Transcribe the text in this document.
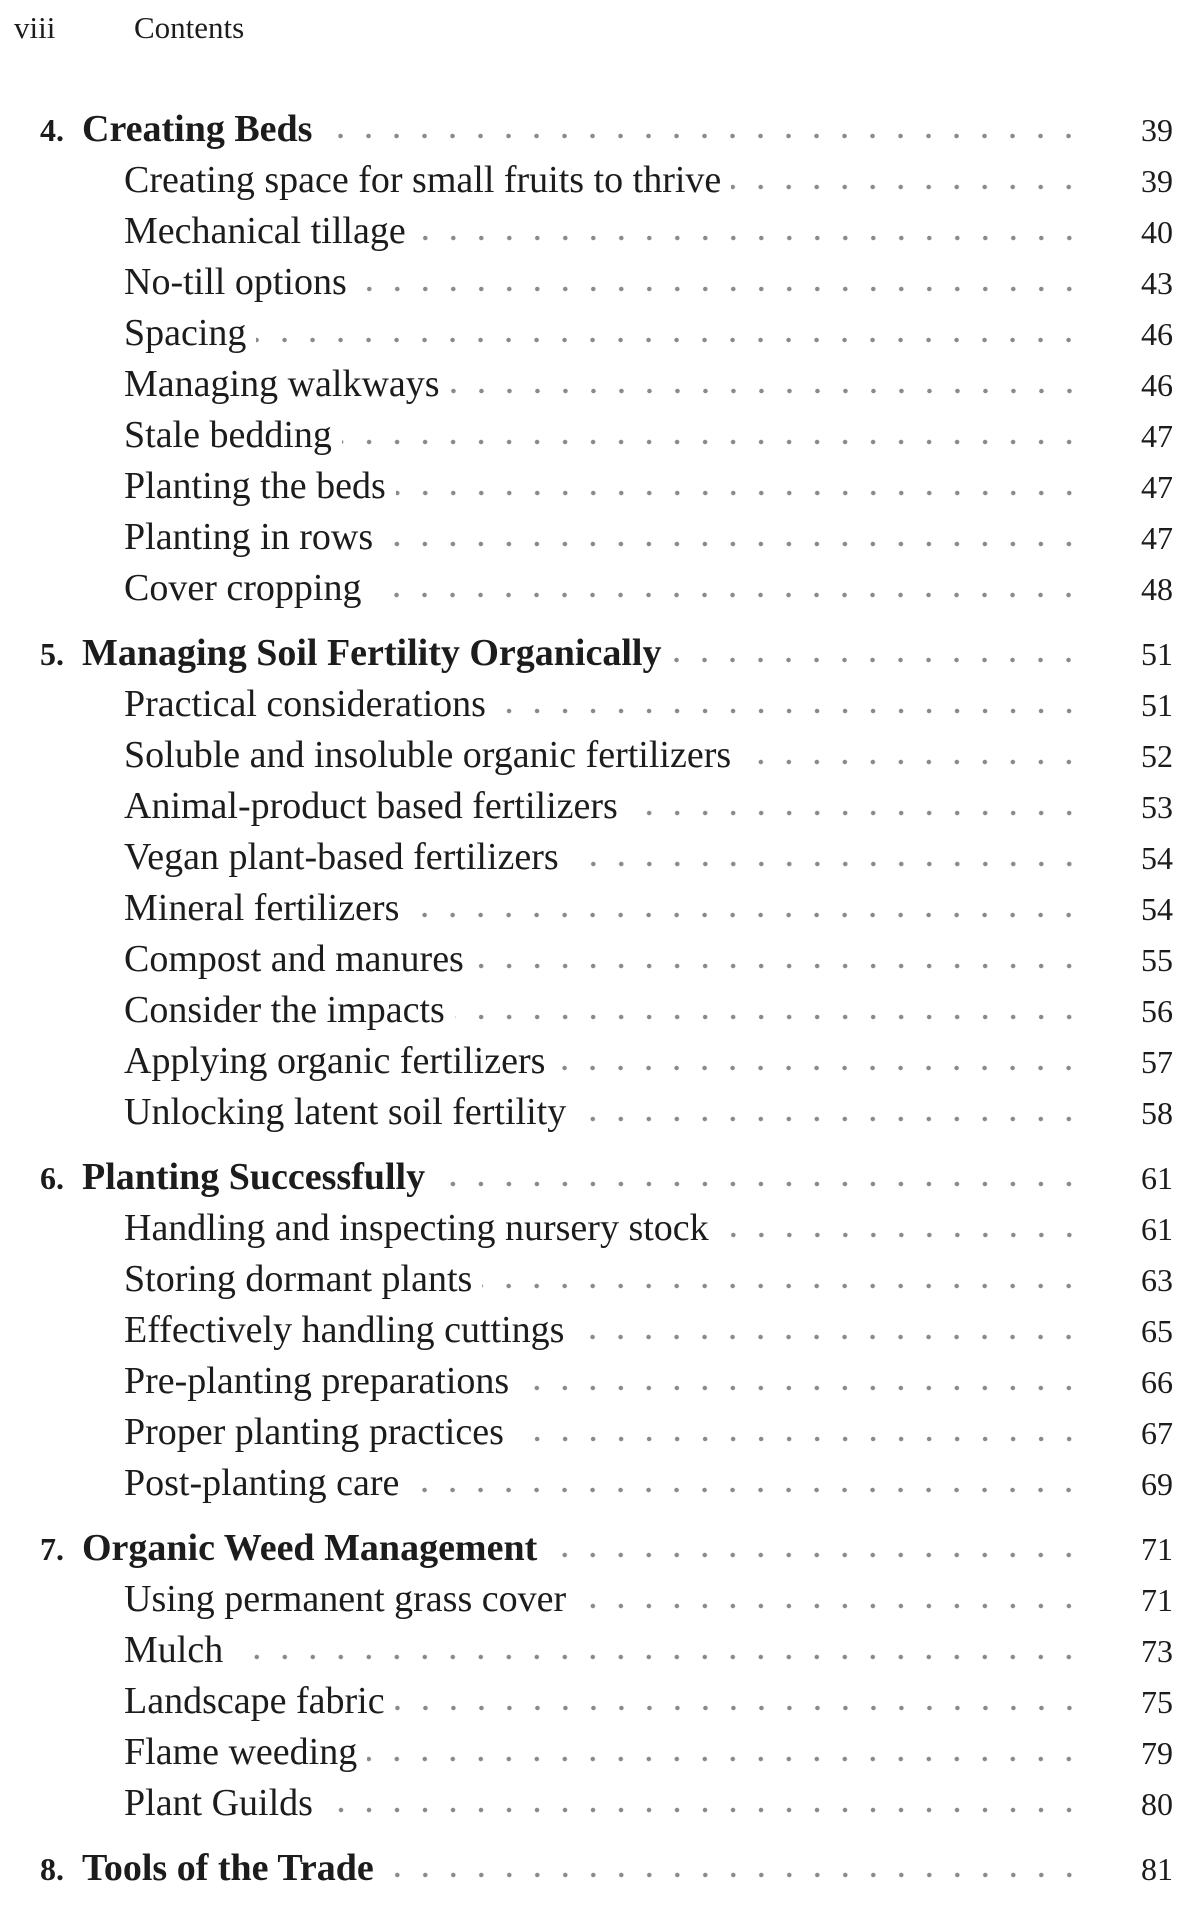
viii	Contents
4. Creating Beds	39
Creating space for small fruits to thrive	39
Mechanical tillage	40
No-till options	43
Spacing	46
Managing walkways	46
Stale bedding	47
Planting the beds	47
Planting in rows	47
Cover cropping	48
5. Managing Soil Fertility Organically	51
Practical considerations	51
Soluble and insoluble organic fertilizers	52
Animal-product based fertilizers	53
Vegan plant-based fertilizers	54
Mineral fertilizers	54
Compost and manures	55
Consider the impacts	56
Applying organic fertilizers	57
Unlocking latent soil fertility	58
6. Planting Successfully	61
Handling and inspecting nursery stock	61
Storing dormant plants	63
Effectively handling cuttings	65
Pre-planting preparations	66
Proper planting practices	67
Post-planting care	69
7. Organic Weed Management	71
Using permanent grass cover	71
Mulch	73
Landscape fabric	75
Flame weeding	79
Plant Guilds	80
8. Tools of the Trade	81
